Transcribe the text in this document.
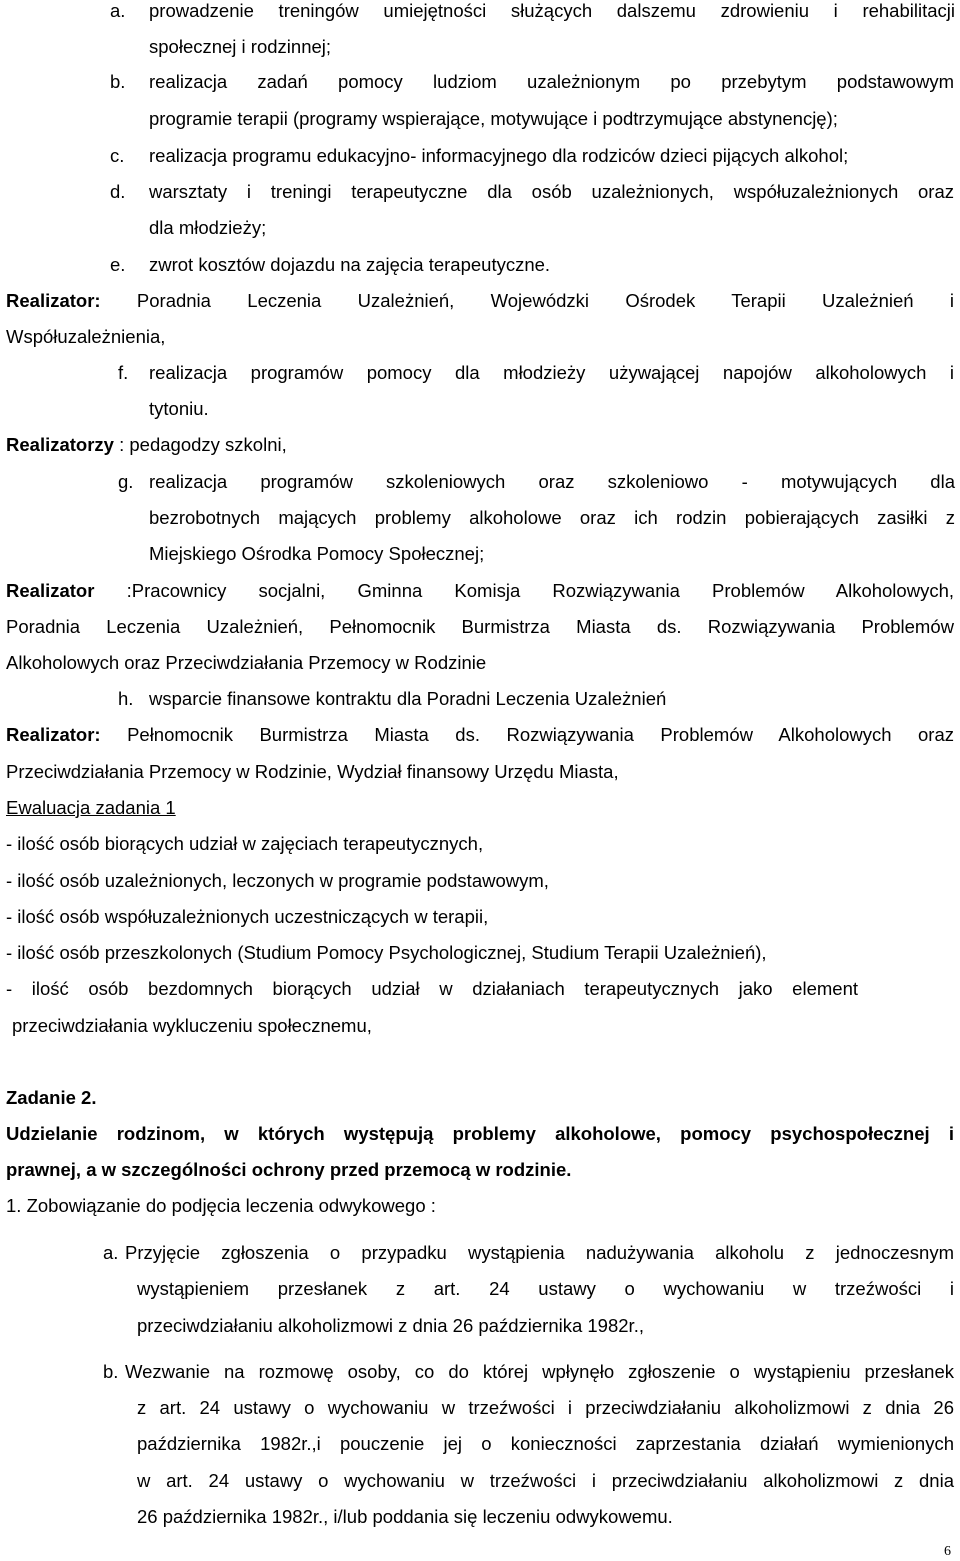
a. prowadzenie treningów umiejętności służących dalszemu zdrowieniu i rehabilitacji
społecznej i rodzinnej;
b. realizacja zadań pomocy ludziom uzależnionym po przebytym podstawowym
programie terapii (programy wspierające, motywujące i podtrzymujące abstynencję);
c. realizacja programu edukacyjno- informacyjnego dla rodziców dzieci pijących alkohol;
d. warsztaty i treningi terapeutyczne dla osób uzależnionych, współuzależnionych oraz
dla młodzieży;
e. zwrot kosztów dojazdu na zajęcia terapeutyczne.
Realizator: Poradnia Leczenia Uzależnień, Wojewódzki Ośrodek Terapii Uzależnień i
Współuzależnienia,
f. realizacja programów pomocy dla młodzieży używającej napojów alkoholowych i
tytoniu.
Realizatorzy : pedagodzy szkolni,
g. realizacja programów szkoleniowych oraz szkoleniowo - motywujących dla
bezrobotnych mających problemy alkoholowe oraz ich rodzin pobierających zasiłki z
Miejskiego Ośrodka Pomocy Społecznej;
Realizator :Pracownicy socjalni, Gminna Komisja Rozwiązywania Problemów Alkoholowych,
Poradnia Leczenia Uzależnień, Pełnomocnik Burmistrza Miasta ds. Rozwiązywania Problemów
Alkoholowych oraz Przeciwdziałania Przemocy w Rodzinie
h. wsparcie finansowe kontraktu dla Poradni Leczenia Uzależnień
Realizator: Pełnomocnik Burmistrza Miasta ds. Rozwiązywania Problemów Alkoholowych oraz
Przeciwdziałania Przemocy w Rodzinie, Wydział finansowy Urzędu Miasta,
Ewaluacja zadania 1
- ilość osób biorących udział w zajęciach terapeutycznych,
- ilość osób uzależnionych, leczonych w programie podstawowym,
- ilość osób współuzależnionych uczestniczących w terapii,
- ilość osób przeszkolonych (Studium Pomocy Psychologicznej, Studium Terapii Uzależnień),
- ilość osób bezdomnych biorących udział w działaniach terapeutycznych jako element
przeciwdziałania wykluczeniu społecznemu,
Zadanie 2.
Udzielanie rodzinom, w których występują problemy alkoholowe, pomocy psychospołecznej i
prawnej, a w szczególności ochrony przed przemocą w rodzinie.
1. Zobowiązanie do podjęcia leczenia odwykowego :
a. Przyjęcie zgłoszenia o przypadku wystąpienia nadużywania alkoholu z jednoczesnym
wystąpieniem przesłanek z art. 24 ustawy o wychowaniu w trzeźwości i
przeciwdziałaniu alkoholizmowi z dnia 26 października 1982r.,
b. Wezwanie na rozmowę osoby, co do której wpłynęło zgłoszenie o wystąpieniu przesłanek
z art. 24 ustawy o wychowaniu w trzeźwości i przeciwdziałaniu alkoholizmowi z dnia 26
października 1982r.,i pouczenie jej o konieczności zaprzestania działań wymienionych
w art. 24 ustawy o wychowaniu w trzeźwości i przeciwdziałaniu alkoholizmowi z dnia
26 października 1982r., i/lub poddania się leczeniu odwykowemu.
6
